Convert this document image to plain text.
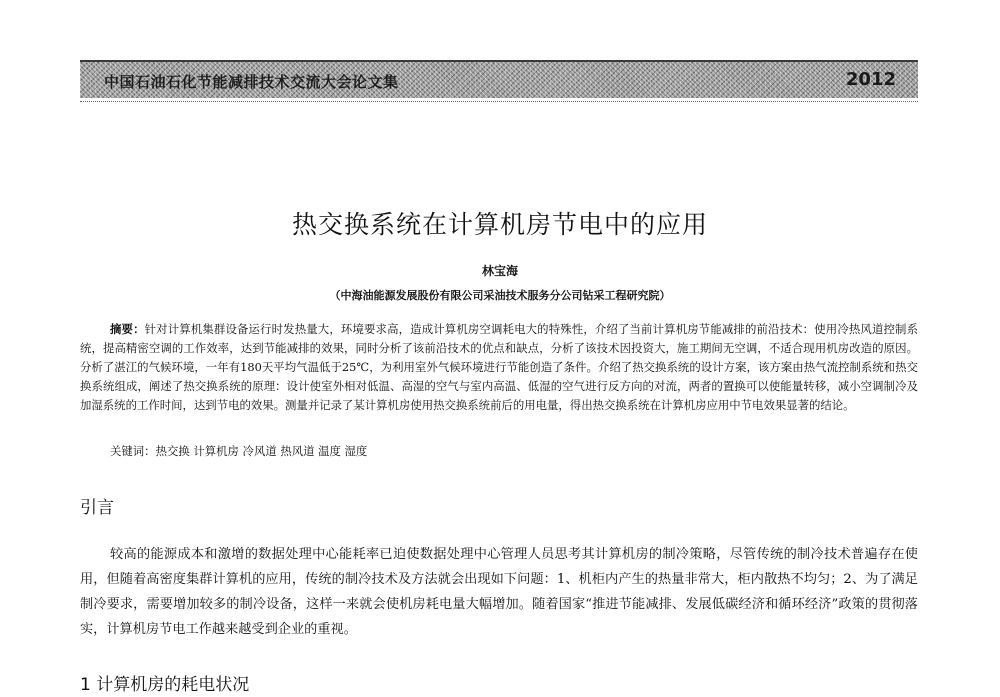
中国石油石化节能减排技术交流大会论文集	2012
热交换系统在计算机房节电中的应用
林宝海
（中海油能源发展股份有限公司采油技术服务分公司钻采工程研究院）
摘要：针对计算机集群设备运行时发热量大，环境要求高，造成计算机房空调耗电大的特殊性，介绍了当前计算机房节能减排的前沿技术：使用冷热风道控制系统，提高精密空调的工作效率，达到节能减排的效果，同时分析了该前沿技术的优点和缺点，分析了该技术因投资大，施工期间无空调，不适合现用机房改造的原因。分析了湛江的气候环境，一年有180天平均气温低于25℃，为利用室外气候环境进行节能创造了条件。介绍了热交换系统的设计方案，该方案由热气流控制系统和热交换系统组成，阐述了热交换系统的原理：设计使室外相对低温、高湿的空气与室内高温、低湿的空气进行反方向的对流，两者的置换可以使能量转移，减小空调制冷及加湿系统的工作时间，达到节电的效果。测量并记录了某计算机房使用热交换系统前后的用电量，得出热交换系统在计算机房应用中节电效果显著的结论。
关键词：热交换 计算机房 冷风道 热风道 温度 湿度
引言
较高的能源成本和激增的数据处理中心能耗率已迫使数据处理中心管理人员思考其计算机房的制冷策略，尽管传统的制冷技术普遍存在使用，但随着高密度集群计算机的应用，传统的制冷技术及方法就会出现如下问题：1、机柜内产生的热量非常大，柜内散热不均匀；2、为了满足制冷要求，需要增加较多的制冷设备，这样一来就会使机房耗电量大幅增加。随着国家“推进节能减排、发展低碳经济和循环经济”政策的贯彻落实，计算机房节电工作越来越受到企业的重视。
1 计算机房的耗电状况
